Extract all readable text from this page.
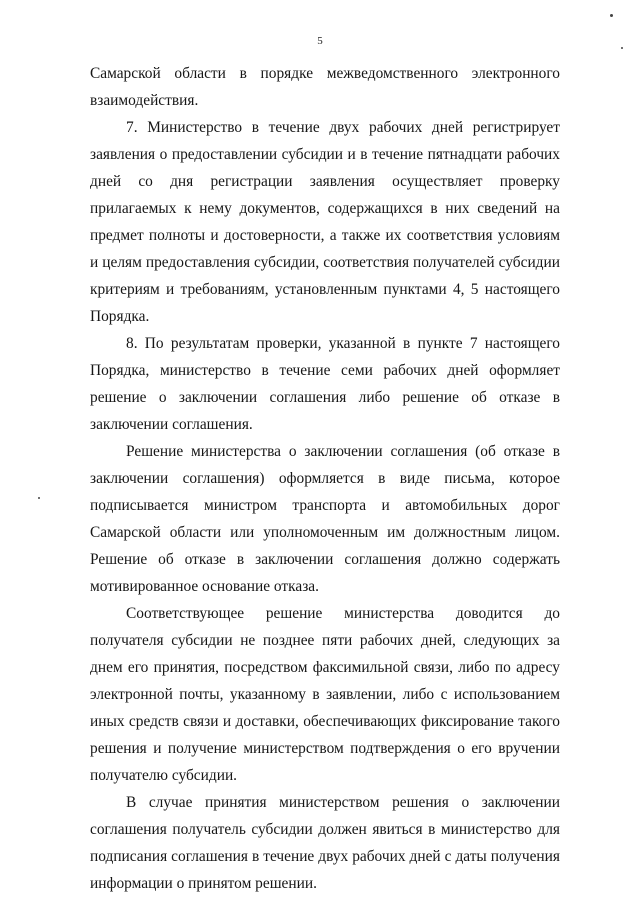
5

Самарской области в порядке межведомственного электронного взаимодействия.

7. Министерство в течение двух рабочих дней регистрирует заявления о предоставлении субсидии и в течение пятнадцати рабочих дней со дня регистрации заявления осуществляет проверку прилагаемых к нему документов, содержащихся в них сведений на предмет полноты и достоверности, а также их соответствия условиям и целям предоставления субсидии, соответствия получателей субсидии критериям и требованиям, установленным пунктами 4, 5 настоящего Порядка.

8. По результатам проверки, указанной в пункте 7 настоящего Порядка, министерство в течение семи рабочих дней оформляет решение о заключении соглашения либо решение об отказе в заключении соглашения.

Решение министерства о заключении соглашения (об отказе в заключении соглашения) оформляется в виде письма, которое подписывается министром транспорта и автомобильных дорог Самарской области или уполномоченным им должностным лицом. Решение об отказе в заключении соглашения должно содержать мотивированное основание отказа.

Соответствующее решение министерства доводится до получателя субсидии не позднее пяти рабочих дней, следующих за днем его принятия, посредством факсимильной связи, либо по адресу электронной почты, указанному в заявлении, либо с использованием иных средств связи и доставки, обеспечивающих фиксирование такого решения и получение министерством подтверждения о его вручении получателю субсидии.

В случае принятия министерством решения о заключении соглашения получатель субсидии должен явиться в министерство для подписания соглашения в течение двух рабочих дней с даты получения информации о принятом решении.
